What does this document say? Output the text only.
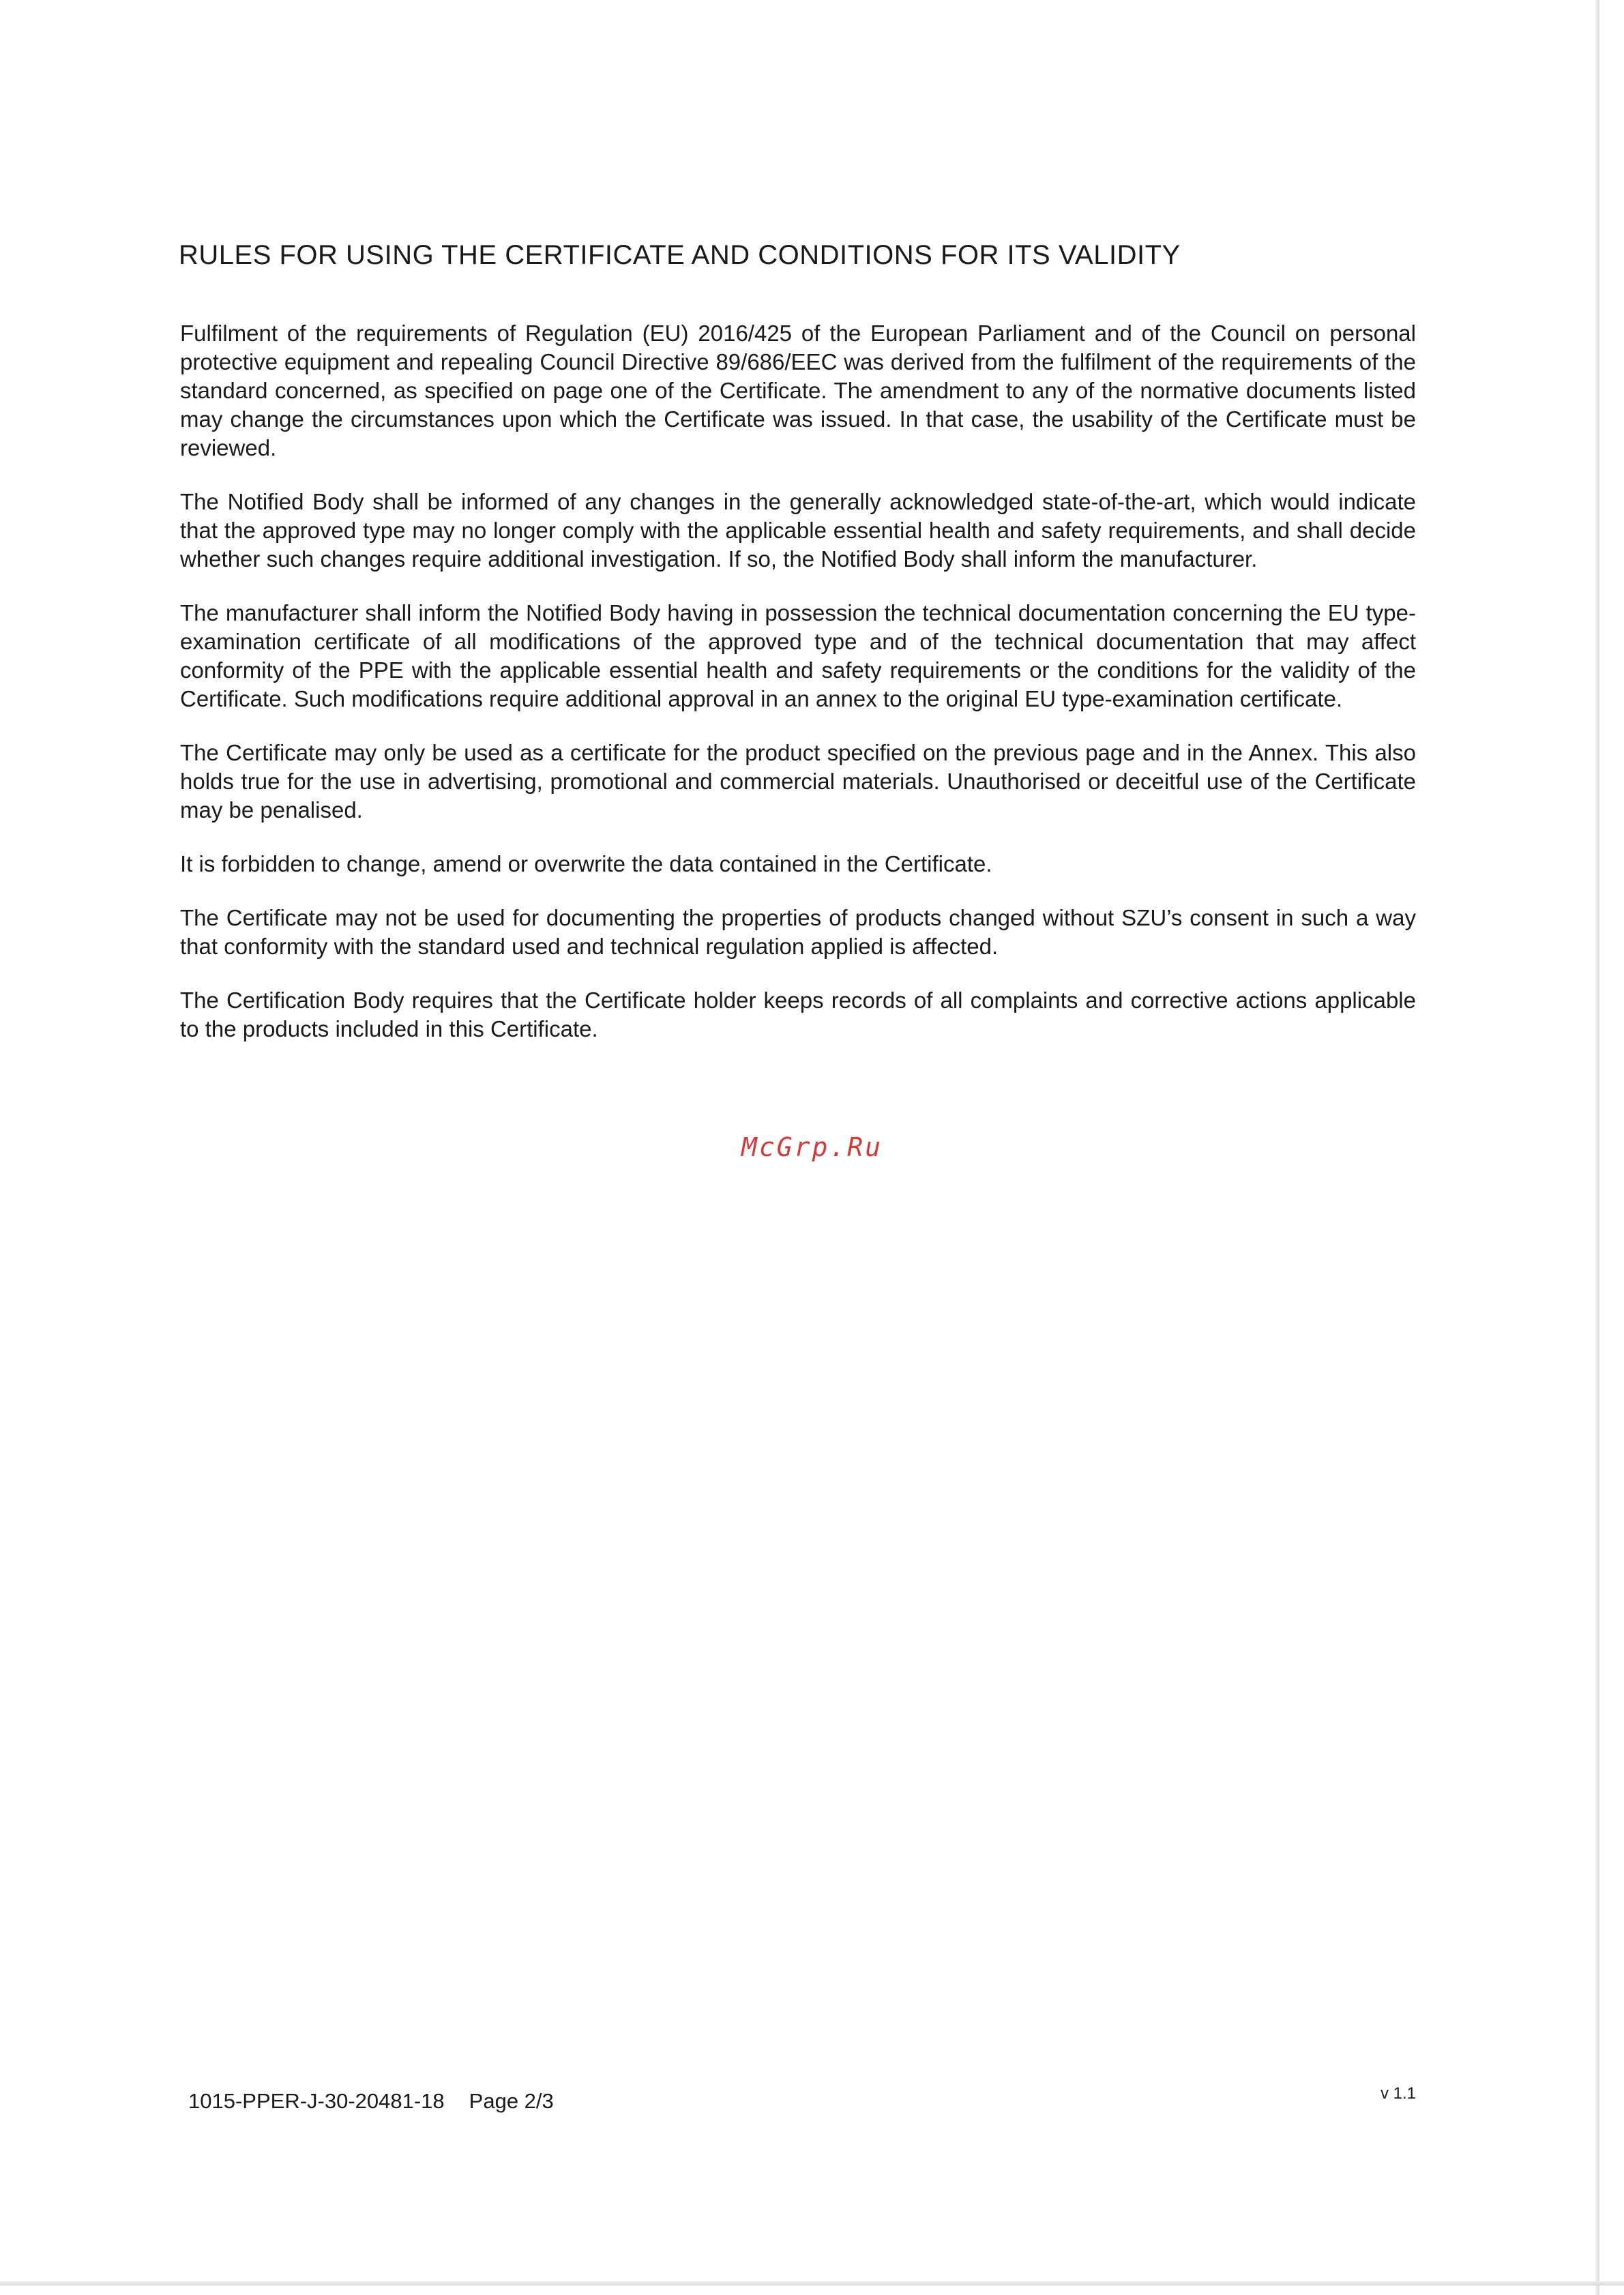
RULES FOR USING THE CERTIFICATE AND CONDITIONS FOR ITS VALIDITY

Fulfilment of the requirements of Regulation (EU) 2016/425 of the European Parliament and of the Council on personal protective equipment and repealing Council Directive 89/686/EEC was derived from the fulfilment of the requirements of the standard concerned, as specified on page one of the Certificate. The amendment to any of the normative documents listed may change the circumstances upon which the Certificate was issued. In that case, the usability of the Certificate must be reviewed.

The Notified Body shall be informed of any changes in the generally acknowledged state-of-the-art, which would indicate that the approved type may no longer comply with the applicable essential health and safety requirements, and shall decide whether such changes require additional investigation. If so, the Notified Body shall inform the manufacturer.

The manufacturer shall inform the Notified Body having in possession the technical documentation concerning the EU type-examination certificate of all modifications of the approved type and of the technical documentation that may affect conformity of the PPE with the applicable essential health and safety requirements or the conditions for the validity of the Certificate. Such modifications require additional approval in an annex to the original EU type-examination certificate.

The Certificate may only be used as a certificate for the product specified on the previous page and in the Annex. This also holds true for the use in advertising, promotional and commercial materials. Unauthorised or deceitful use of the Certificate may be penalised.

It is forbidden to change, amend or overwrite the data contained in the Certificate.

The Certificate may not be used for documenting the properties of products changed without SZU’s consent in such a way that conformity with the standard used and technical regulation applied is affected.

The Certification Body requires that the Certificate holder keeps records of all complaints and corrective actions applicable to the products included in this Certificate.

McGrp.Ru
1015-PPER-J-30-20481-18 Page 2/3	v 1.1
